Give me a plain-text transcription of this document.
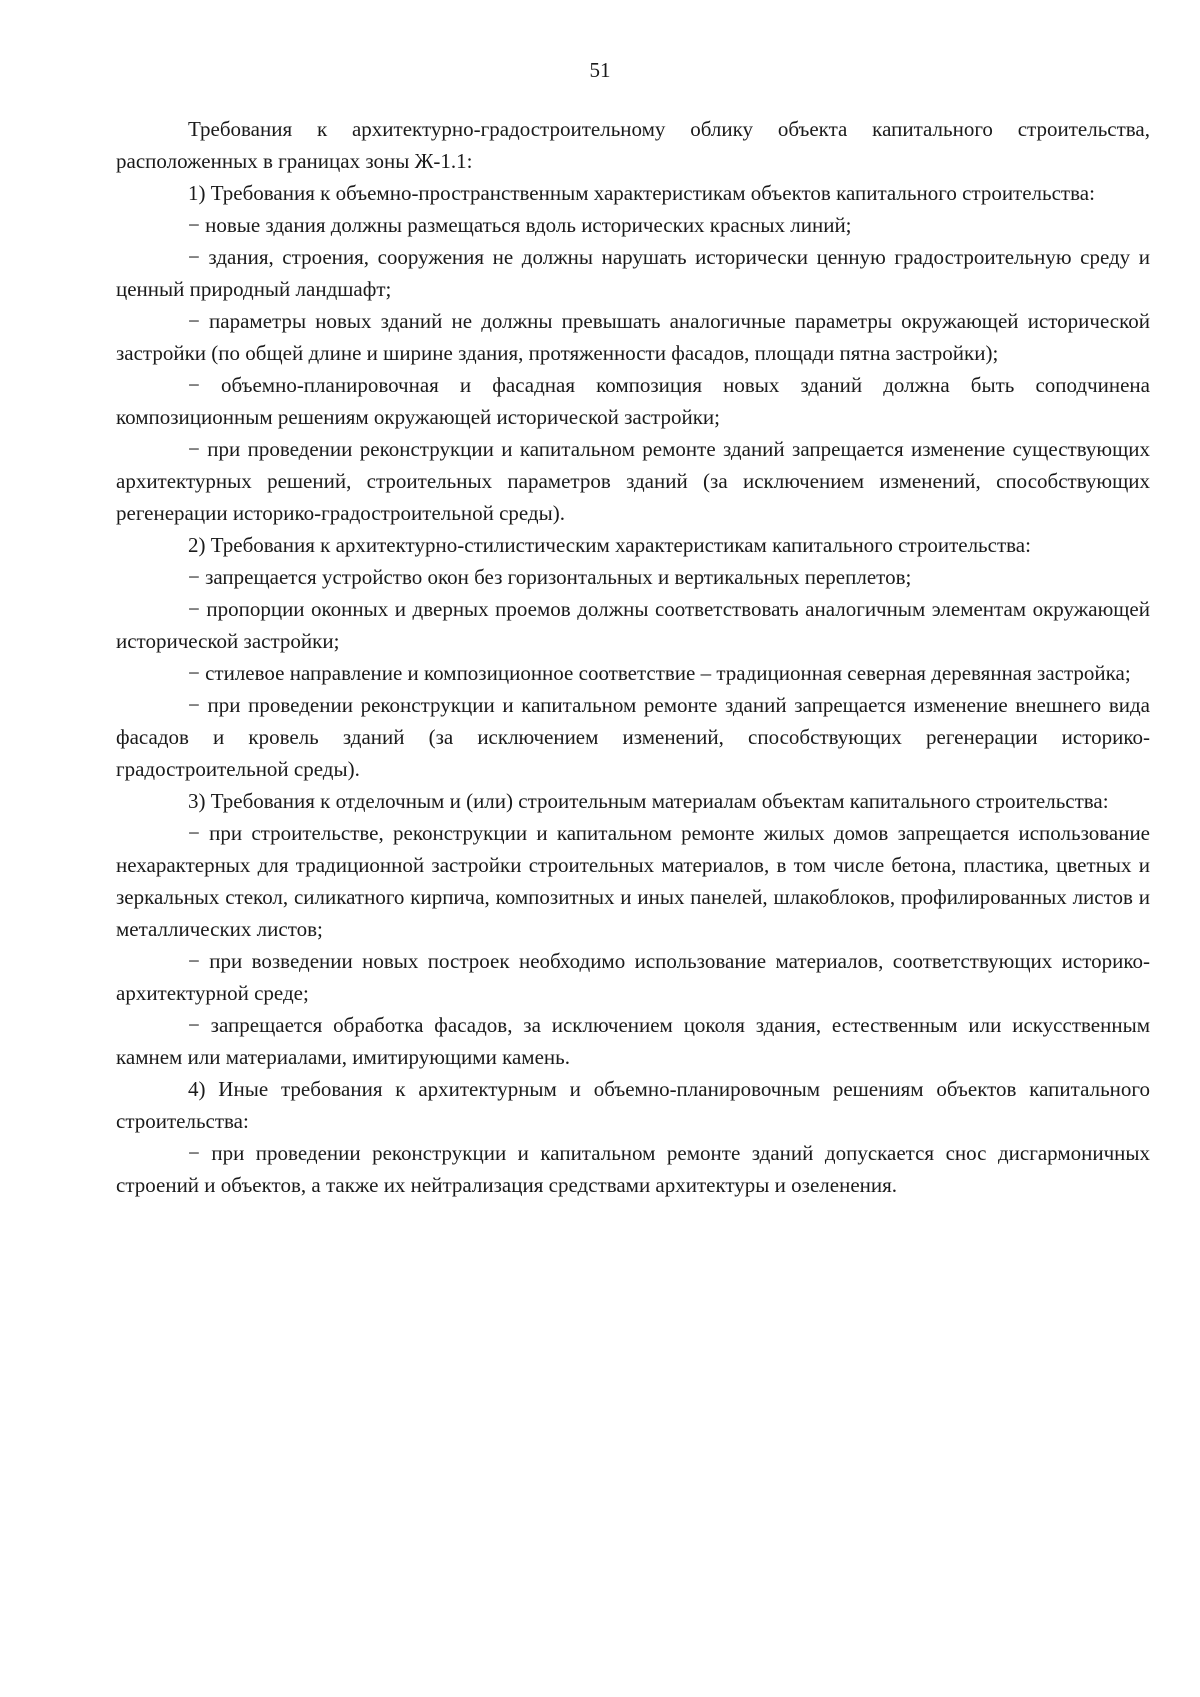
51

Требования к архитектурно-градостроительному облику объекта капитального строительства, расположенных в границах зоны Ж-1.1:

1) Требования к объемно-пространственным характеристикам объектов капитального строительства:

− новые здания должны размещаться вдоль исторических красных линий;

− здания, строения, сооружения не должны нарушать исторически ценную градостроительную среду и ценный природный ландшафт;

− параметры новых зданий не должны превышать аналогичные параметры окружающей исторической застройки (по общей длине и ширине здания, протяженности фасадов, площади пятна застройки);

− объемно-планировочная и фасадная композиция новых зданий должна быть соподчинена композиционным решениям окружающей исторической застройки;

− при проведении реконструкции и капитальном ремонте зданий запрещается изменение существующих архитектурных решений, строительных параметров зданий (за исключением изменений, способствующих регенерации историко-градостроительной среды).

2) Требования к архитектурно-стилистическим характеристикам капитального строительства:

− запрещается устройство окон без горизонтальных и вертикальных переплетов;

− пропорции оконных и дверных проемов должны соответствовать аналогичным элементам окружающей исторической застройки;

− стилевое направление и композиционное соответствие – традиционная северная деревянная застройка;

− при проведении реконструкции и капитальном ремонте зданий запрещается изменение внешнего вида фасадов и кровель зданий (за исключением изменений, способствующих регенерации историко-градостроительной среды).

3) Требования к отделочным и (или) строительным материалам объектам капитального строительства:

− при строительстве, реконструкции и капитальном ремонте жилых домов запрещается использование нехарактерных для традиционной застройки строительных материалов, в том числе бетона, пластика, цветных и зеркальных стекол, силикатного кирпича, композитных и иных панелей, шлакоблоков, профилированных листов и металлических листов;

− при возведении новых построек необходимо использование материалов, соответствующих историко-архитектурной среде;

− запрещается обработка фасадов, за исключением цоколя здания, естественным или искусственным камнем или материалами, имитирующими камень.

4) Иные требования к архитектурным и объемно-планировочным решениям объектов капитального строительства:

− при проведении реконструкции и капитальном ремонте зданий допускается снос дисгармоничных строений и объектов, а также их нейтрализация средствами архитектуры и озеленения.
